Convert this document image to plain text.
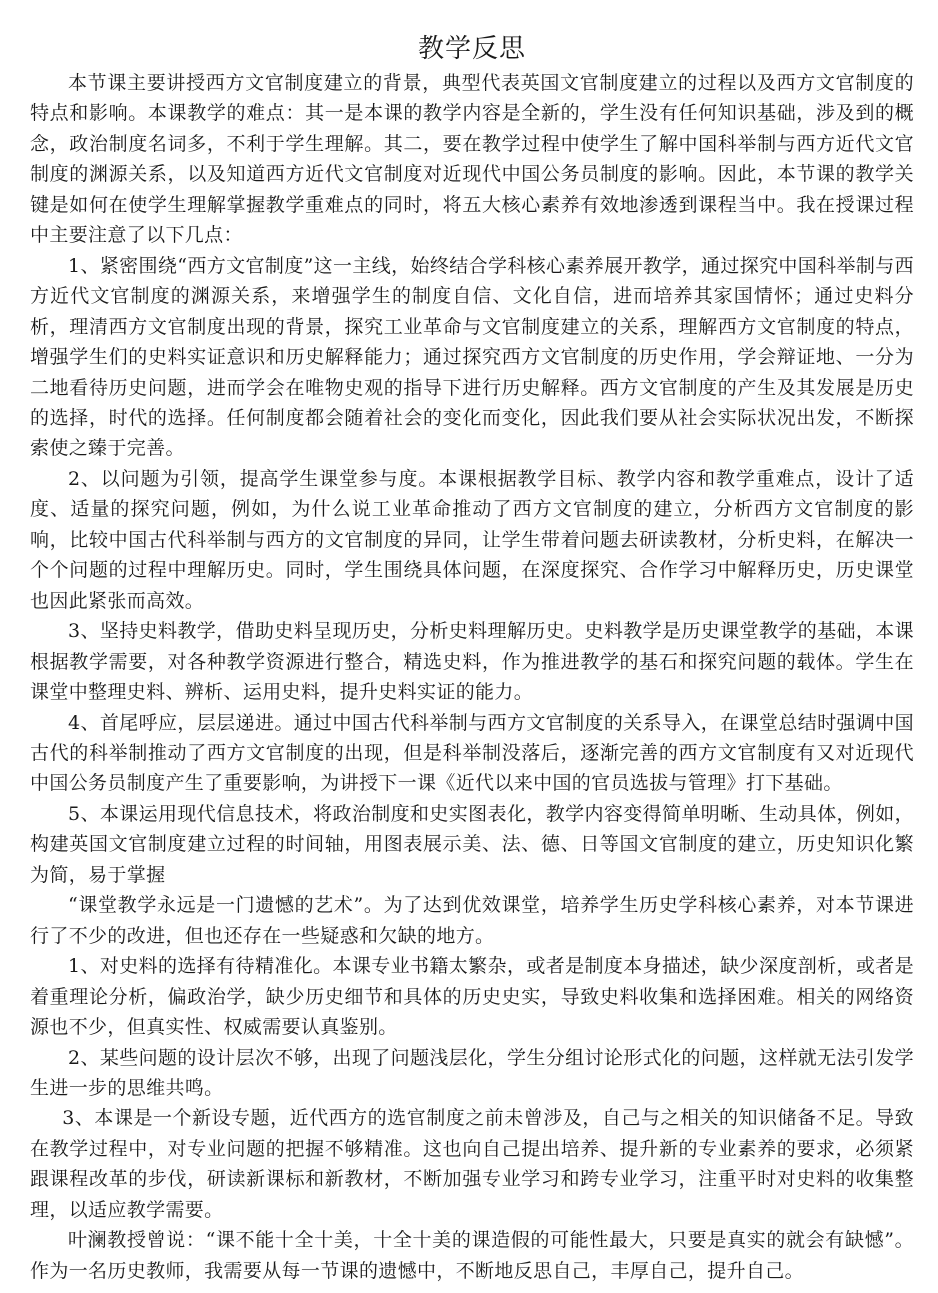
教学反思

本节课主要讲授西方文官制度建立的背景，典型代表英国文官制度建立的过程以及西方文官制度的特点和影响。本课教学的难点：其一是本课的教学内容是全新的，学生没有任何知识基础，涉及到的概念，政治制度名词多，不利于学生理解。其二，要在教学过程中使学生了解中国科举制与西方近代文官制度的渊源关系，以及知道西方近代文官制度对近现代中国公务员制度的影响。因此，本节课的教学关键是如何在使学生理解掌握教学重难点的同时，将五大核心素养有效地渗透到课程当中。我在授课过程中主要注意了以下几点：

1、紧密围绕“西方文官制度”这一主线，始终结合学科核心素养展开教学，通过探究中国科举制与西方近代文官制度的渊源关系，来增强学生的制度自信、文化自信，进而培养其家国情怀；通过史料分析，理清西方文官制度出现的背景，探究工业革命与文官制度建立的关系，理解西方文官制度的特点，增强学生们的史料实证意识和历史解释能力；通过探究西方文官制度的历史作用，学会辩证地、一分为二地看待历史问题，进而学会在唯物史观的指导下进行历史解释。西方文官制度的产生及其发展是历史的选择，时代的选择。任何制度都会随着社会的变化而变化，因此我们要从社会实际状况出发，不断探索使之臻于完善。

2、以问题为引领，提高学生课堂参与度。本课根据教学目标、教学内容和教学重难点，设计了适度、适量的探究问题，例如，为什么说工业革命推动了西方文官制度的建立，分析西方文官制度的影响，比较中国古代科举制与西方的文官制度的异同，让学生带着问题去研读教材，分析史料，在解决一个个问题的过程中理解历史。同时，学生围绕具体问题，在深度探究、合作学习中解释历史，历史课堂也因此紧张而高效。

3、坚持史料教学，借助史料呈现历史，分析史料理解历史。史料教学是历史课堂教学的基础，本课根据教学需要，对各种教学资源进行整合，精选史料，作为推进教学的基石和探究问题的载体。学生在课堂中整理史料、辨析、运用史料，提升史料实证的能力。

4、首尾呼应，层层递进。通过中国古代科举制与西方文官制度的关系导入，在课堂总结时强调中国古代的科举制推动了西方文官制度的出现，但是科举制没落后，逐渐完善的西方文官制度有又对近现代中国公务员制度产生了重要影响，为讲授下一课《近代以来中国的官员选拔与管理》打下基础。

5、本课运用现代信息技术，将政治制度和史实图表化，教学内容变得简单明晰、生动具体，例如，构建英国文官制度建立过程的时间轴，用图表展示美、法、德、日等国文官制度的建立，历史知识化繁为简，易于掌握

“课堂教学永远是一门遗憾的艺术”。为了达到优效课堂，培养学生历史学科核心素养，对本节课进行了不少的改进，但也还存在一些疑惑和欠缺的地方。

1、对史料的选择有待精准化。本课专业书籍太繁杂，或者是制度本身描述，缺少深度剖析，或者是着重理论分析，偏政治学，缺少历史细节和具体的历史史实，导致史料收集和选择困难。相关的网络资源也不少，但真实性、权威需要认真鉴别。

2、某些问题的设计层次不够，出现了问题浅层化，学生分组讨论形式化的问题，这样就无法引发学生进一步的思维共鸣。

3、本课是一个新设专题，近代西方的选官制度之前未曾涉及，自己与之相关的知识储备不足。导致在教学过程中，对专业问题的把握不够精准。这也向自己提出培养、提升新的专业素养的要求，必须紧跟课程改革的步伐，研读新课标和新教材，不断加强专业学习和跨专业学习，注重平时对史料的收集整理，以适应教学需要。

叶澜教授曾说：“课不能十全十美，十全十美的课造假的可能性最大，只要是真实的就会有缺憾”。作为一名历史教师，我需要从每一节课的遗憾中，不断地反思自己，丰厚自己，提升自己。
